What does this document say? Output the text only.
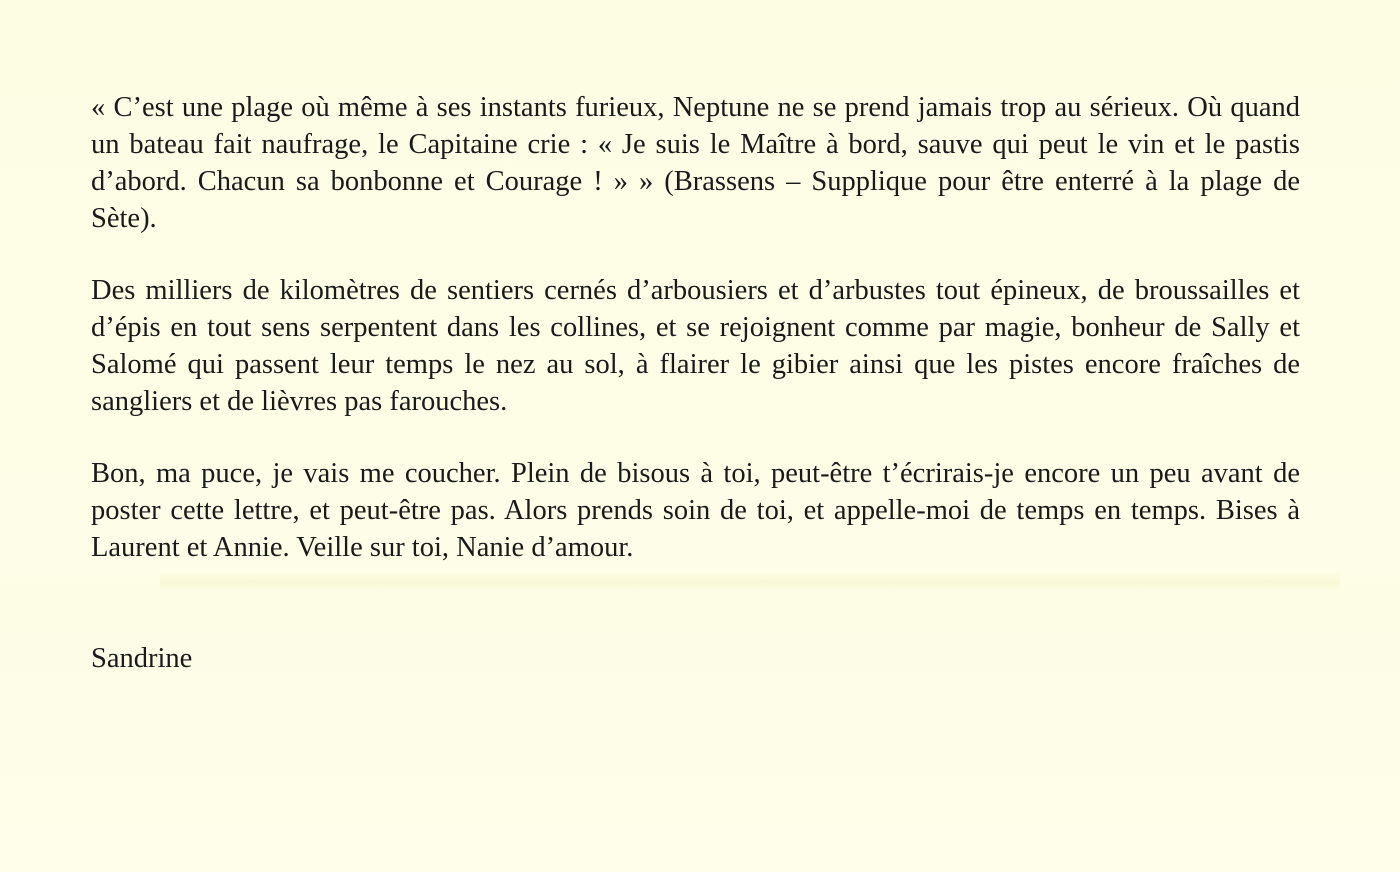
« C’est une plage où même à ses instants furieux, Neptune ne se prend jamais trop au sérieux. Où quand un bateau fait naufrage, le Capitaine crie : « Je suis le Maître à bord, sauve qui peut le vin et le pastis d’abord. Chacun sa bonbonne et Courage ! » » (Brassens – Supplique pour être enterré à la plage de Sète).

Des milliers de kilomètres de sentiers cernés d’arbousiers et d’arbustes tout épineux, de broussailles et d’épis en tout sens serpentent dans les collines, et se rejoignent comme par magie, bonheur de Sally et Salomé qui passent leur temps le nez au sol, à flairer le gibier ainsi que les pistes encore fraîches de sangliers et de lièvres pas farouches.

Bon, ma puce, je vais me coucher. Plein de bisous à toi, peut-être t’écrirais-je encore un peu avant de poster cette lettre, et peut-être pas. Alors prends soin de toi, et appelle-moi de temps en temps. Bises à Laurent et Annie. Veille sur toi, Nanie d’amour.

Sandrine
